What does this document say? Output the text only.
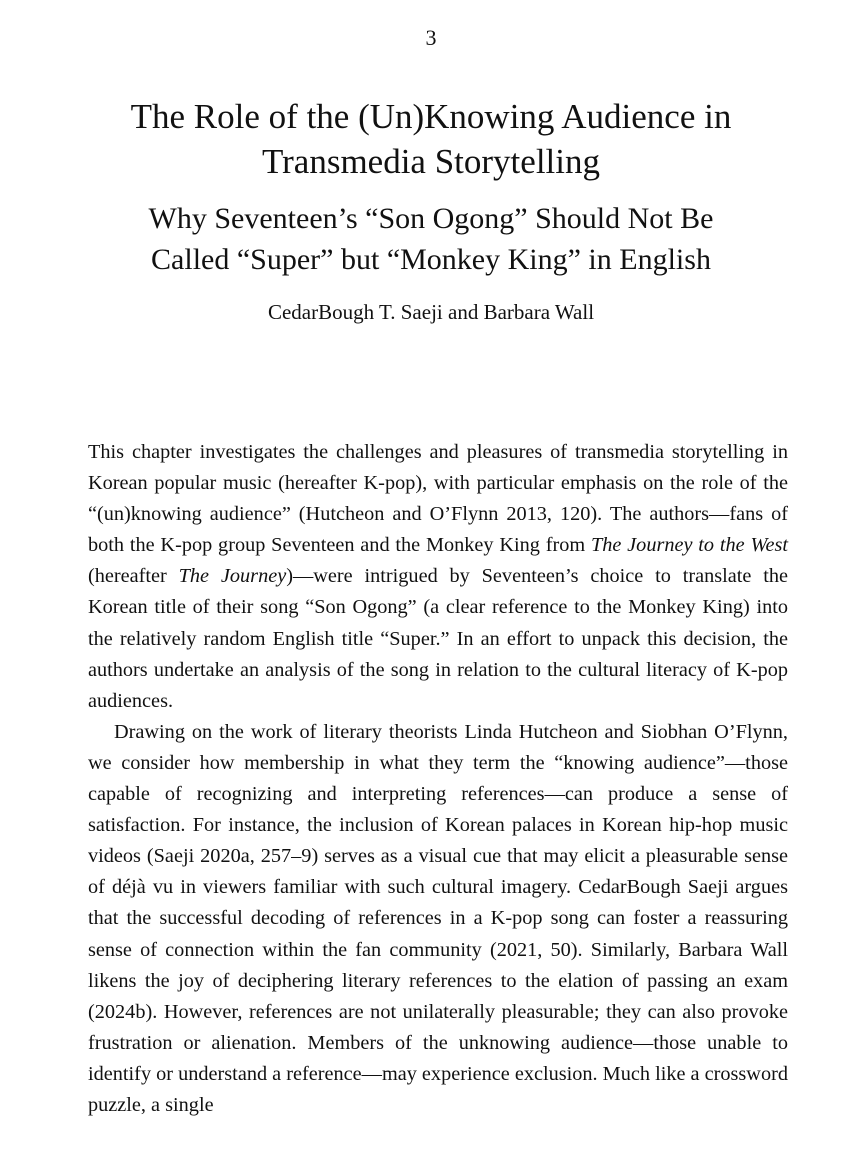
3
The Role of the (Un)Knowing Audience in
Transmedia Storytelling
Why Seventeen’s “Son Ogong” Should Not Be
Called “Super” but “Monkey King” in English

CedarBough T. Saeji and Barbara Wall

This chapter investigates the challenges and pleasures of transmedia storytelling in Korean popular music (hereafter K-pop), with particular emphasis on the role of the “(un)knowing audience” (Hutcheon and O’Flynn 2013, 120). The authors—fans of both the K-pop group Seventeen and the Monkey King from The Journey to the West (hereafter The Journey)—were intrigued by Seventeen’s choice to translate the Korean title of their song “Son Ogong” (a clear reference to the Monkey King) into the relatively random English title “Super.” In an effort to unpack this decision, the authors undertake an analysis of the song in relation to the cultural literacy of K-pop audiences.

Drawing on the work of literary theorists Linda Hutcheon and Siobhan O’Flynn, we consider how membership in what they term the “knowing audience”—those capable of recognizing and interpreting references—can produce a sense of satisfaction. For instance, the inclusion of Korean palaces in Korean hip-hop music videos (Saeji 2020a, 257–9) serves as a visual cue that may elicit a pleasurable sense of déjà vu in viewers familiar with such cultural imagery. CedarBough Saeji argues that the successful decoding of references in a K-pop song can foster a reassuring sense of connection within the fan community (2021, 50). Similarly, Barbara Wall likens the joy of deciphering literary references to the elation of passing an exam (2024b). However, references are not unilaterally pleasurable; they can also provoke frustration or alienation. Members of the unknowing audience—those unable to identify or understand a reference—may experience exclusion. Much like a crossword puzzle, a single
